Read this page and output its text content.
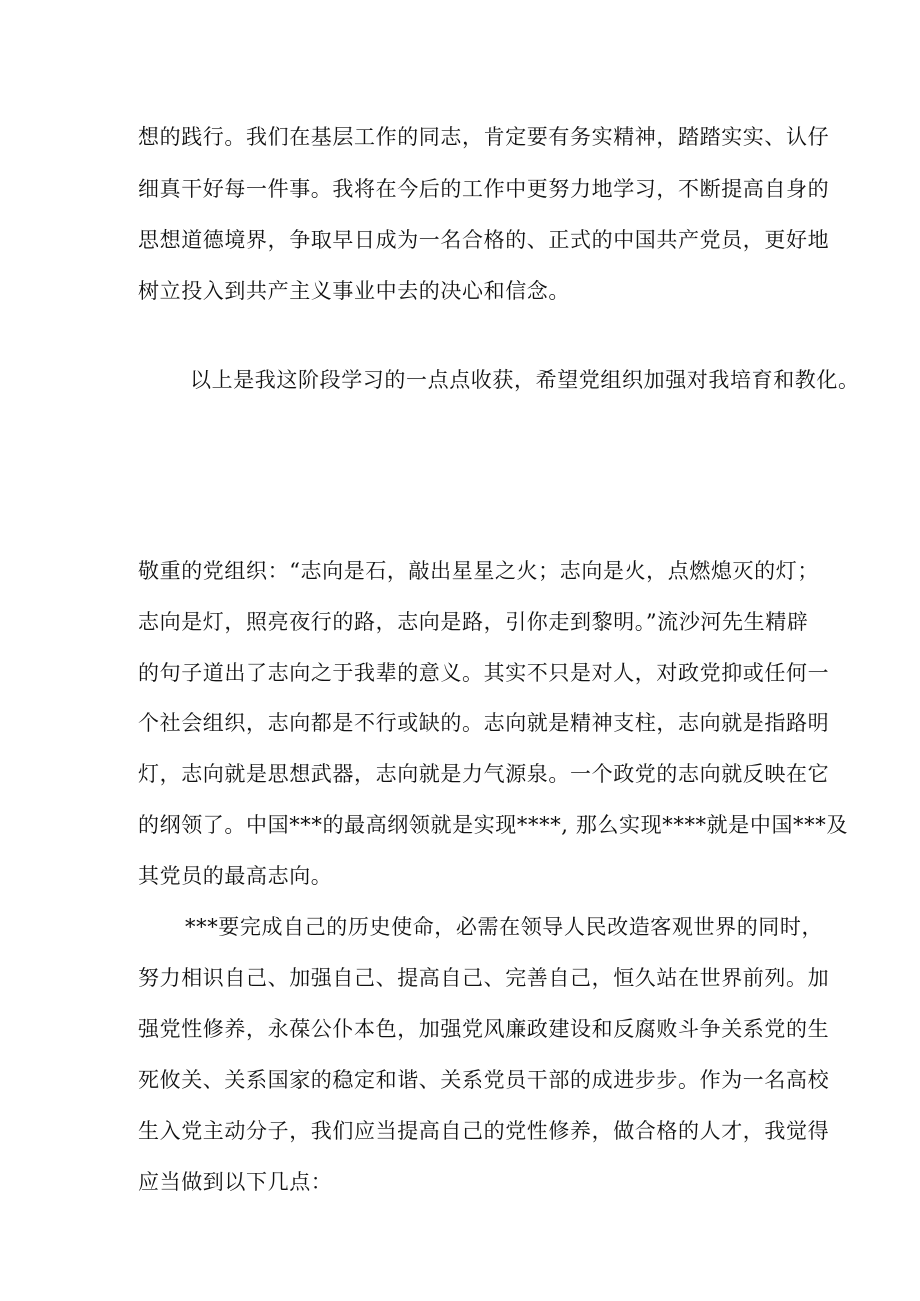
想的践行。我们在基层工作的同志，肯定要有务实精神，踏踏实实、认仔
细真干好每一件事。我将在今后的工作中更努力地学习，不断提高自身的
思想道德境界，争取早日成为一名合格的、正式的中国共产党员，更好地
树立投入到共产主义事业中去的决心和信念。
以上是我这阶段学习的一点点收获，希望党组织加强对我培育和教化。
敬重的党组织：“志向是石，敲出星星之火；志向是火，点燃熄灭的灯；
志向是灯，照亮夜行的路，志向是路，引你走到黎明。”流沙河先生精辟
的句子道出了志向之于我辈的意义。其实不只是对人，对政党抑或任何一
个社会组织，志向都是不行或缺的。志向就是精神支柱，志向就是指路明
灯，志向就是思想武器，志向就是力气源泉。一个政党的志向就反映在它
的纲领了。中国***的最高纲领就是实现****, 那么实现****就是中国***及
其党员的最高志向。
***要完成自己的历史使命，必需在领导人民改造客观世界的同时，
努力相识自己、加强自己、提高自己、完善自己，恒久站在世界前列。加
强党性修养，永葆公仆本色，加强党风廉政建设和反腐败斗争关系党的生
死攸关、关系国家的稳定和谐、关系党员干部的成进步步。作为一名高校
生入党主动分子，我们应当提高自己的党性修养，做合格的人才，我觉得
应当做到以下几点：
